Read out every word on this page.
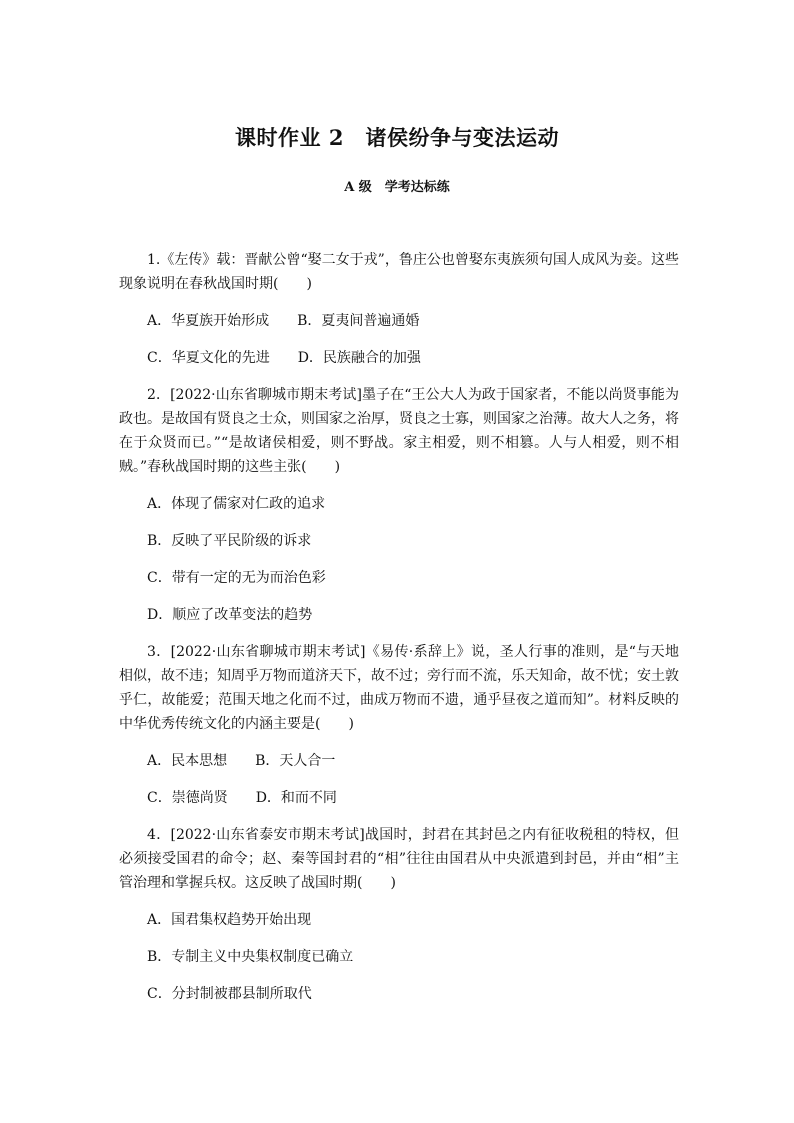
课时作业 2　诸侯纷争与变法运动
A 级　学考达标练

1.《左传》载：晋献公曾“娶二女于戎”，鲁庄公也曾娶东夷族须句国人成风为妾。这些现象说明在春秋战国时期(　　)

A．华夏族开始形成　　B．夏夷间普遍通婚

C．华夏文化的先进　　D．民族融合的加强

2．[2022·山东省聊城市期末考试]墨子在“王公大人为政于国家者，不能以尚贤事能为政也。是故国有贤良之士众，则国家之治厚，贤良之士寡，则国家之治薄。故大人之务，将在于众贤而已。”“是故诸侯相爱，则不野战。家主相爱，则不相篡。人与人相爱，则不相贼。”春秋战国时期的这些主张(　　)

A．体现了儒家对仁政的追求

B．反映了平民阶级的诉求

C．带有一定的无为而治色彩

D．顺应了改革变法的趋势

3．[2022·山东省聊城市期末考试]《易传·系辞上》说，圣人行事的准则，是“与天地相似，故不违；知周乎万物而道济天下，故不过；旁行而不流，乐天知命，故不忧；安土敦乎仁，故能爱；范围天地之化而不过，曲成万物而不遗，通乎昼夜之道而知”。材料反映的中华优秀传统文化的内涵主要是(　　)

A．民本思想　　B．天人合一

C．崇德尚贤　　D．和而不同

4．[2022·山东省泰安市期末考试]战国时，封君在其封邑之内有征收税租的特权，但必须接受国君的命令；赵、秦等国封君的“相”往往由国君从中央派遣到封邑，并由“相”主管治理和掌握兵权。这反映了战国时期(　　)

A．国君集权趋势开始出现

B．专制主义中央集权制度已确立

C．分封制被郡县制所取代
